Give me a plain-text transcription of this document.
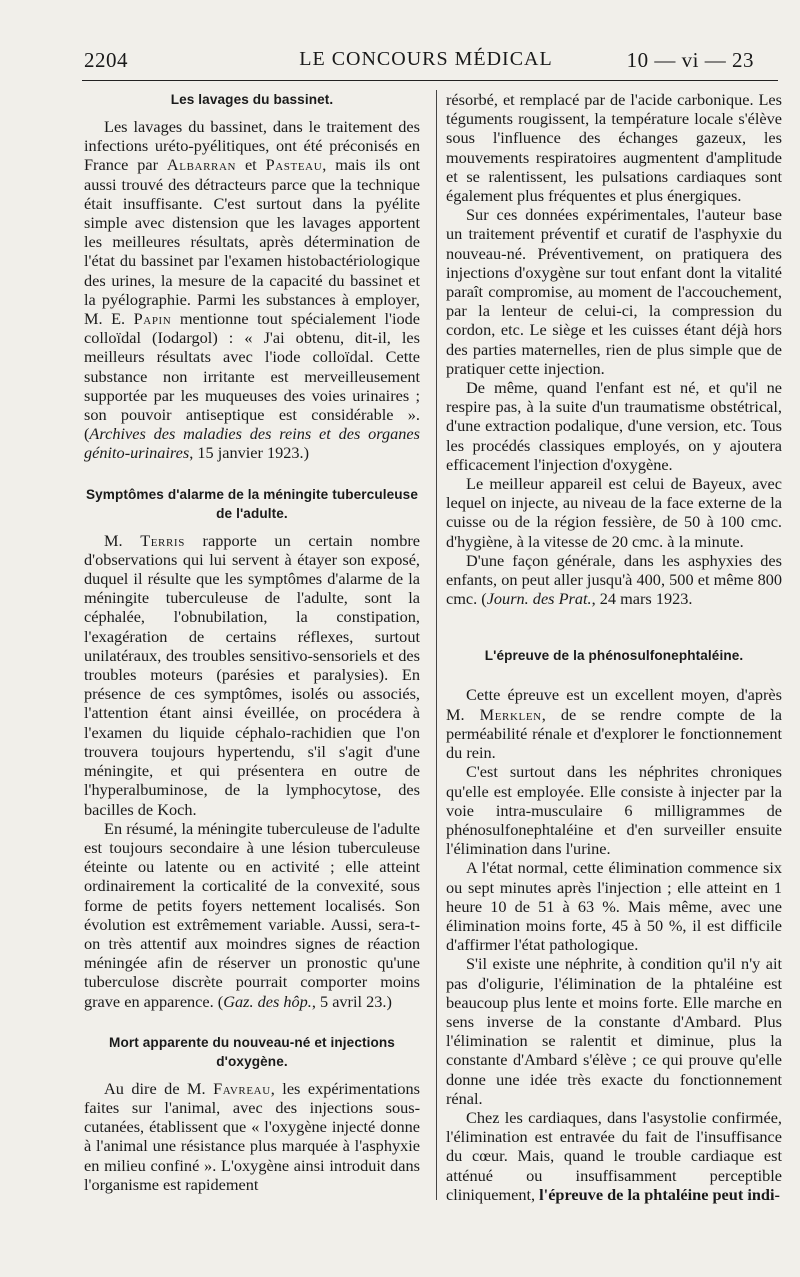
2204	LE CONCOURS MÉDICAL	10 — vi — 23
Les lavages du bassinet.

Les lavages du bassinet, dans le traitement des infections uréto-pyélitiques, ont été préconisés en France par Albarran et Pasteau, mais ils ont aussi trouvé des détracteurs parce que la technique était insuffisante. C'est surtout dans la pyélite simple avec distension que les lavages apportent les meilleures résultats, après détermination de l'état du bassinet par l'examen histobactériologique des urines, la mesure de la capacité du bassinet et la pyélographie. Parmi les substances à employer, M. E. Papin mentionne tout spécialement l'iode colloïdal (Iodargol) : « J'ai obtenu, dit-il, les meilleurs résultats avec l'iode colloïdal. Cette substance non irritante est merveilleusement supportée par les muqueuses des voies urinaires ; son pouvoir antiseptique est considérable ». (Archives des maladies des reins et des organes génito-urinaires, 15 janvier 1923.)

Symptômes d'alarme de la méningite tuberculeuse de l'adulte.

M. Terris rapporte un certain nombre d'observations qui lui servent à étayer son exposé, duquel il résulte que les symptômes d'alarme de la méningite tuberculeuse de l'adulte, sont la céphalée, l'obnubilation, la constipation, l'exagération de certains réflexes, surtout unilatéraux, des troubles sensitivo-sensoriels et des troubles moteurs (parésies et paralysies). En présence de ces symptômes, isolés ou associés, l'attention étant ainsi éveillée, on procédera à l'examen du liquide céphalo-rachidien que l'on trouvera toujours hypertendu, s'il s'agit d'une méningite, et qui présentera en outre de l'hyperalbuminose, de la lymphocytose, des bacilles de Koch.

En résumé, la méningite tuberculeuse de l'adulte est toujours secondaire à une lésion tuberculeuse éteinte ou latente ou en activité ; elle atteint ordinairement la corticalité de la convexité, sous forme de petits foyers nettement localisés. Son évolution est extrêmement variable. Aussi, sera-t-on très attentif aux moindres signes de réaction méningée afin de réserver un pronostic qu'une tuberculose discrète pourrait comporter moins grave en apparence. (Gaz. des hôp., 5 avril 23.)

Mort apparente du nouveau-né et injections d'oxygène.

Au dire de M. Favreau, les expérimentations faites sur l'animal, avec des injections sous-cutanées, établissent que « l'oxygène injecté donne à l'animal une résistance plus marquée à l'asphyxie en milieu confiné ». L'oxygène ainsi introduit dans l'organisme est rapidement

résorbé, et remplacé par de l'acide carbonique. Les téguments rougissent, la température locale s'élève sous l'influence des échanges gazeux, les mouvements respiratoires augmentent d'amplitude et se ralentissent, les pulsations cardiaques sont également plus fréquentes et plus énergiques.

Sur ces données expérimentales, l'auteur base un traitement préventif et curatif de l'asphyxie du nouveau-né. Préventivement, on pratiquera des injections d'oxygène sur tout enfant dont la vitalité paraît compromise, au moment de l'accouchement, par la lenteur de celui-ci, la compression du cordon, etc. Le siège et les cuisses étant déjà hors des parties maternelles, rien de plus simple que de pratiquer cette injection.

De même, quand l'enfant est né, et qu'il ne respire pas, à la suite d'un traumatisme obstétrical, d'une extraction podalique, d'une version, etc. Tous les procédés classiques employés, on y ajoutera efficacement l'injection d'oxygène.

Le meilleur appareil est celui de Bayeux, avec lequel on injecte, au niveau de la face externe de la cuisse ou de la région fessière, de 50 à 100 cmc. d'hygiène, à la vitesse de 20 cmc. à la minute.

D'une façon générale, dans les asphyxies des enfants, on peut aller jusqu'à 400, 500 et même 800 cmc. (Journ. des Prat., 24 mars 1923.

L'épreuve de la phénosulfonephtaléine.

Cette épreuve est un excellent moyen, d'après M. Merklen, de se rendre compte de la perméabilité rénale et d'explorer le fonctionnement du rein.

C'est surtout dans les néphrites chroniques qu'elle est employée. Elle consiste à injecter par la voie intra-musculaire 6 milligrammes de phénosulfonephtaléine et d'en surveiller ensuite l'élimination dans l'urine.

A l'état normal, cette élimination commence six ou sept minutes après l'injection ; elle atteint en 1 heure 10 de 51 à 63 %. Mais même, avec une élimination moins forte, 45 à 50 %, il est difficile d'affirmer l'état pathologique.

S'il existe une néphrite, à condition qu'il n'y ait pas d'oligurie, l'élimination de la phtaléine est beaucoup plus lente et moins forte. Elle marche en sens inverse de la constante d'Ambard. Plus l'élimination se ralentit et diminue, plus la constante d'Ambard s'élève ; ce qui prouve qu'elle donne une idée très exacte du fonctionnement rénal.

Chez les cardiaques, dans l'asystolie confirmée, l'élimination est entravée du fait de l'insuffisance du cœur. Mais, quand le trouble cardiaque est atténué ou insuffisamment perceptible cliniquement, l'épreuve de la phtaléine peut indi-
